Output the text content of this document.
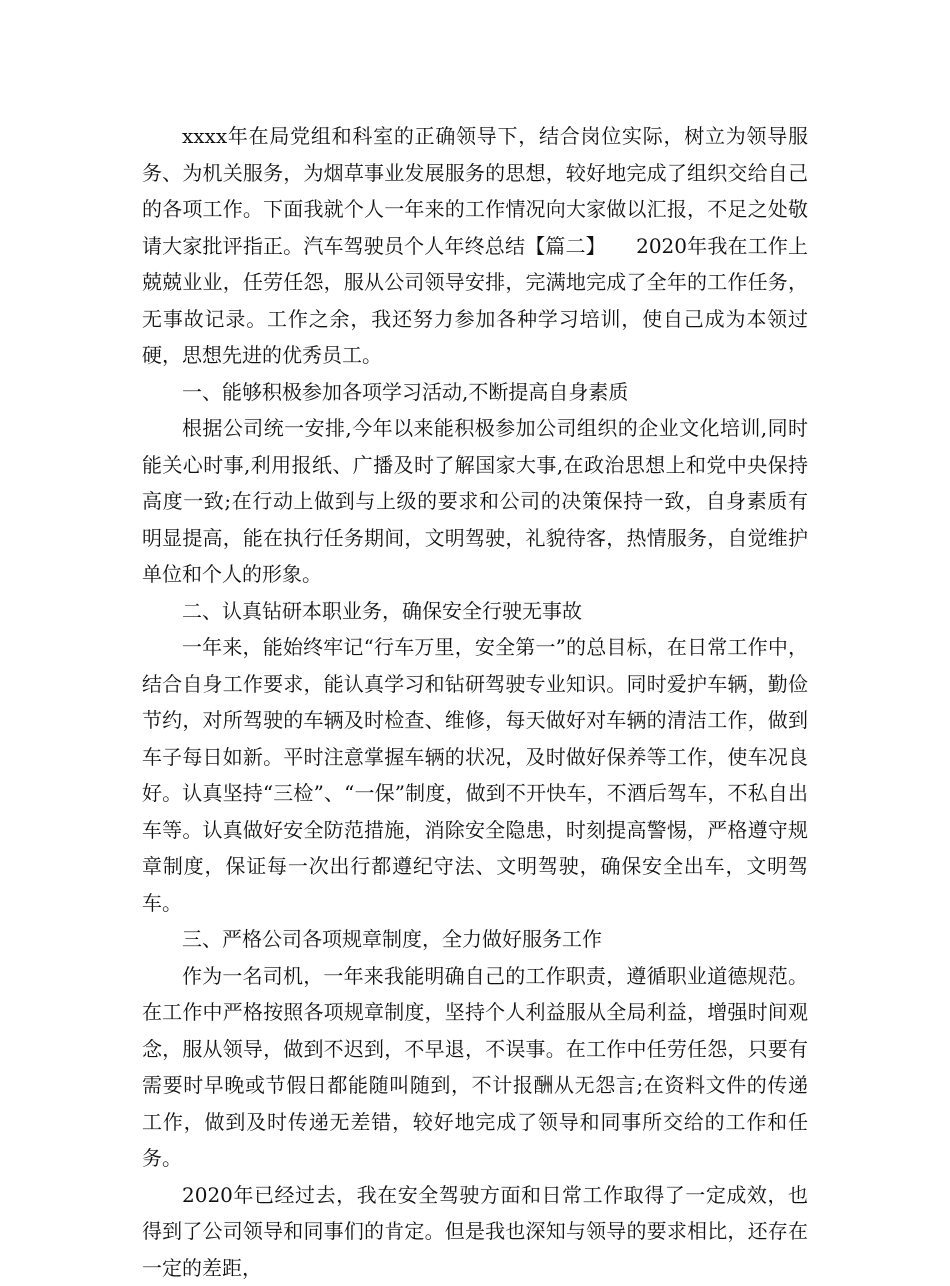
xxxx年在局党组和科室的正确领导下，结合岗位实际，树立为领导服务、为机关服务，为烟草事业发展服务的思想，较好地完成了组织交给自己的各项工作。下面我就个人一年来的工作情况向大家做以汇报，不足之处敬请大家批评指正。汽车驾驶员个人年终总结【篇二】　　2020年我在工作上兢兢业业，任劳任怨，服从公司领导安排，完满地完成了全年的工作任务，无事故记录。工作之余，我还努力参加各种学习培训，使自己成为本领过硬，思想先进的优秀员工。

一、能够积极参加各项学习活动,不断提高自身素质

根据公司统一安排,今年以来能积极参加公司组织的企业文化培训,同时能关心时事,利用报纸、广播及时了解国家大事,在政治思想上和党中央保持高度一致;在行动上做到与上级的要求和公司的决策保持一致，自身素质有明显提高，能在执行任务期间，文明驾驶，礼貌待客，热情服务，自觉维护单位和个人的形象。

二、认真钻研本职业务，确保安全行驶无事故

一年来，能始终牢记“行车万里，安全第一”的总目标，在日常工作中，结合自身工作要求，能认真学习和钻研驾驶专业知识。同时爱护车辆，勤俭节约，对所驾驶的车辆及时检查、维修，每天做好对车辆的清洁工作，做到车子每日如新。平时注意掌握车辆的状况，及时做好保养等工作，使车况良好。认真坚持“三检”、“一保”制度，做到不开快车，不酒后驾车，不私自出车等。认真做好安全防范措施，消除安全隐患，时刻提高警惕，严格遵守规章制度，保证每一次出行都遵纪守法、文明驾驶，确保安全出车，文明驾车。

三、严格公司各项规章制度，全力做好服务工作

作为一名司机，一年来我能明确自己的工作职责，遵循职业道德规范。在工作中严格按照各项规章制度，坚持个人利益服从全局利益，增强时间观念，服从领导，做到不迟到，不早退，不误事。在工作中任劳任怨，只要有需要时早晚或节假日都能随叫随到，不计报酬从无怨言;在资料文件的传递工作，做到及时传递无差错，较好地完成了领导和同事所交给的工作和任务。

2020年已经过去，我在安全驾驶方面和日常工作取得了一定成效，也得到了公司领导和同事们的肯定。但是我也深知与领导的要求相比，还存在一定的差距，
